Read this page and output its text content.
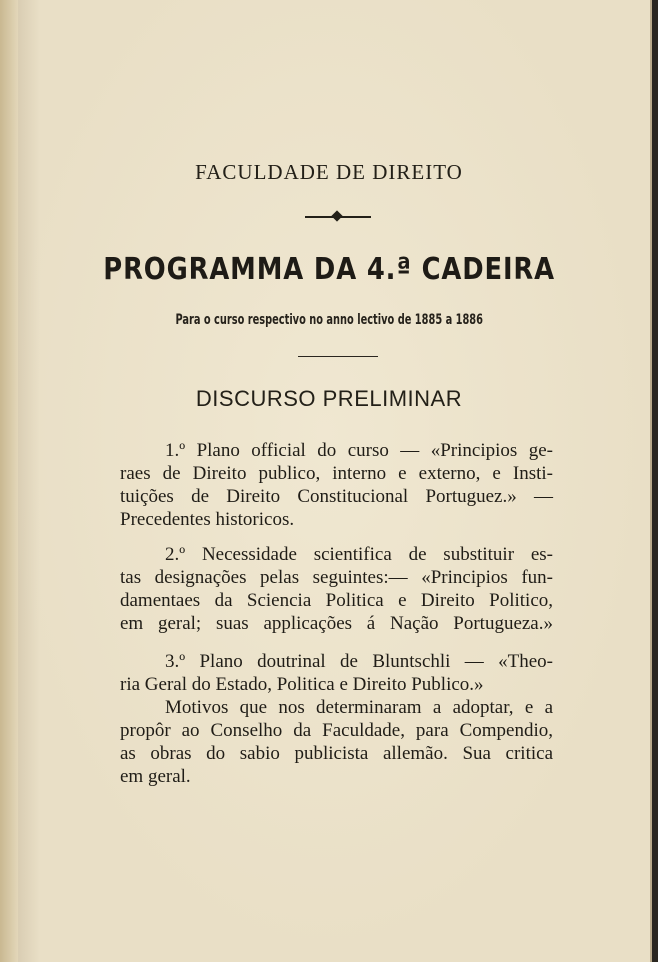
FACULDADE DE DIREITO
PROGRAMMA DA 4.ª CADEIRA
Para o curso respectivo no anno lectivo de 1885 a 1886
DISCURSO PRELIMINAR
1.º Plano official do curso — «Principios ge-
raes de Direito publico, interno e externo, e Insti-
tuições de Direito Constitucional Portuguez.» —
Precedentes historicos.
2.º Necessidade scientifica de substituir es-
tas designações pelas seguintes:— «Principios fun-
damentaes da Sciencia Politica e Direito Politico,
em geral; suas applicações á Nação Portugueza.»
3.º Plano doutrinal de Bluntschli — «Theo-
ria Geral do Estado, Politica e Direito Publico.»
Motivos que nos determinaram a adoptar, e a
propôr ao Conselho da Faculdade, para Compendio,
as obras do sabio publicista allemão. Sua critica
em geral.
